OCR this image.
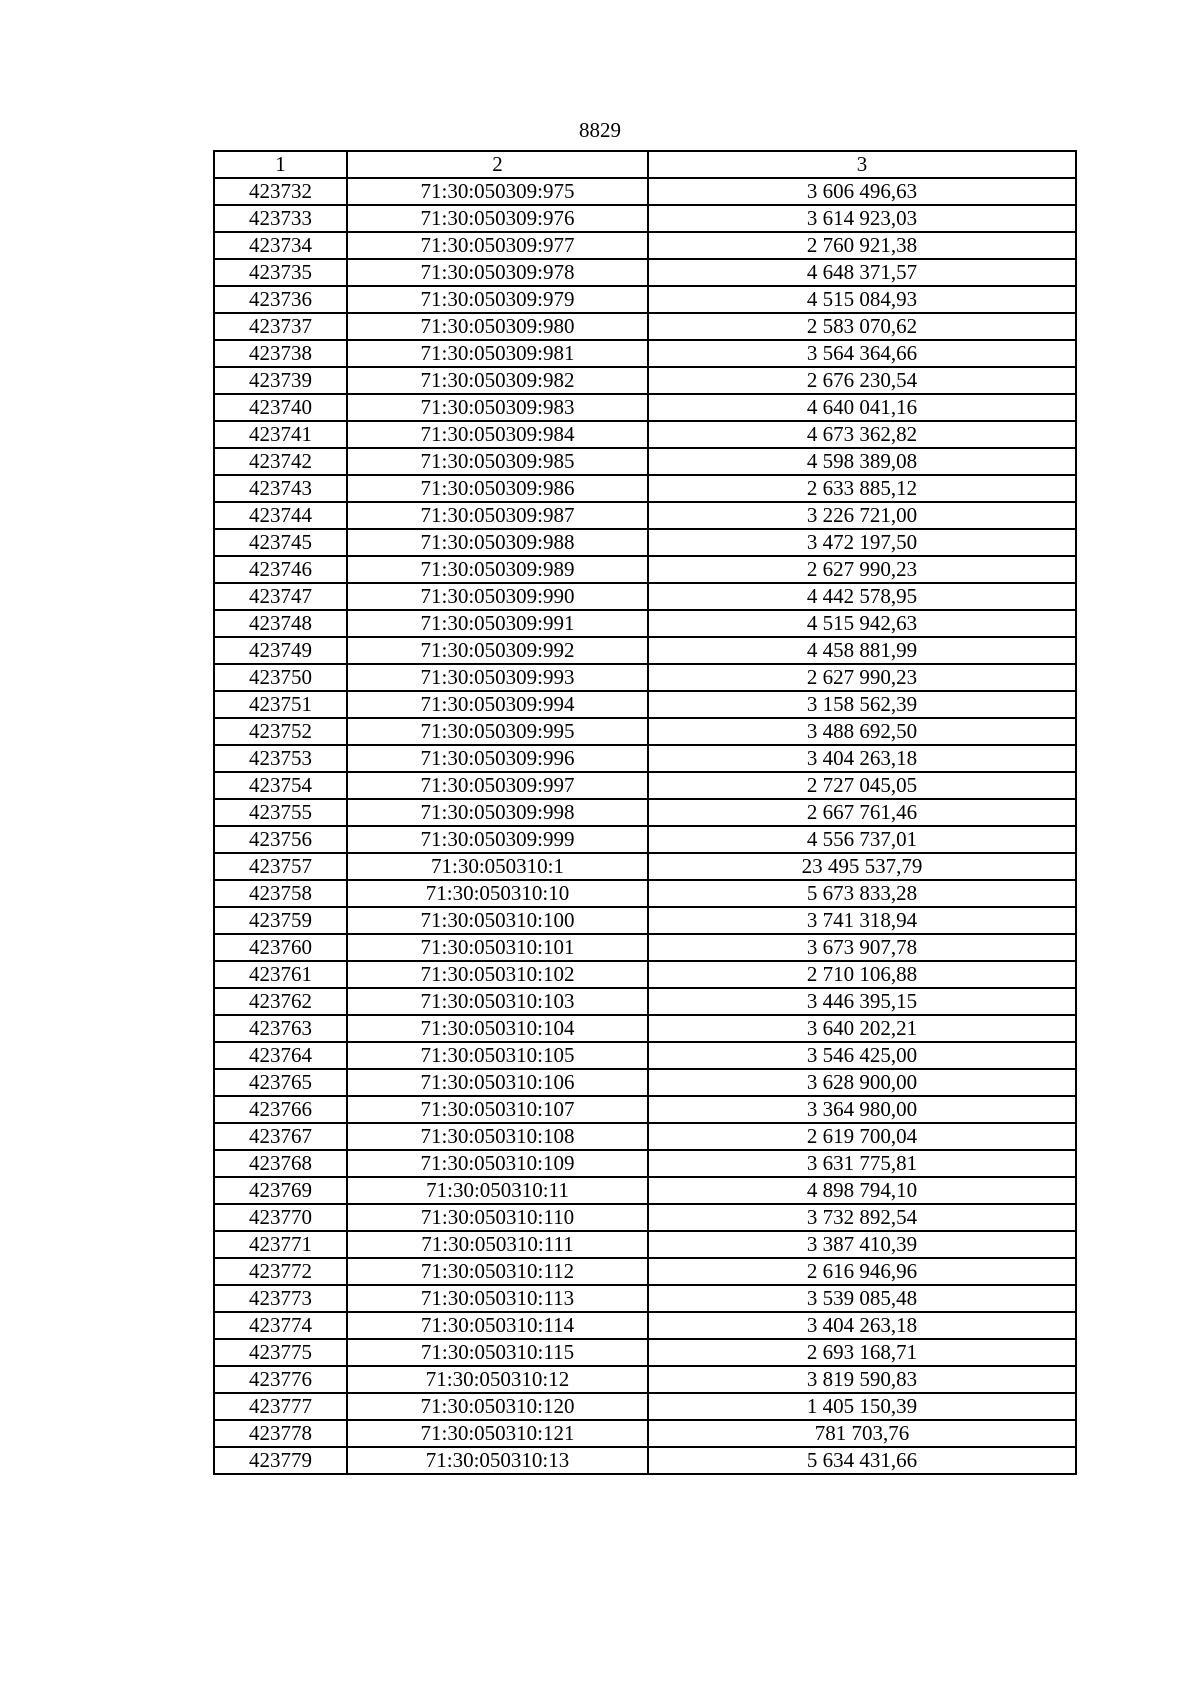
8829
1	2	3
423732	71:30:050309:975	3 606 496,63
423733	71:30:050309:976	3 614 923,03
423734	71:30:050309:977	2 760 921,38
423735	71:30:050309:978	4 648 371,57
423736	71:30:050309:979	4 515 084,93
423737	71:30:050309:980	2 583 070,62
423738	71:30:050309:981	3 564 364,66
423739	71:30:050309:982	2 676 230,54
423740	71:30:050309:983	4 640 041,16
423741	71:30:050309:984	4 673 362,82
423742	71:30:050309:985	4 598 389,08
423743	71:30:050309:986	2 633 885,12
423744	71:30:050309:987	3 226 721,00
423745	71:30:050309:988	3 472 197,50
423746	71:30:050309:989	2 627 990,23
423747	71:30:050309:990	4 442 578,95
423748	71:30:050309:991	4 515 942,63
423749	71:30:050309:992	4 458 881,99
423750	71:30:050309:993	2 627 990,23
423751	71:30:050309:994	3 158 562,39
423752	71:30:050309:995	3 488 692,50
423753	71:30:050309:996	3 404 263,18
423754	71:30:050309:997	2 727 045,05
423755	71:30:050309:998	2 667 761,46
423756	71:30:050309:999	4 556 737,01
423757	71:30:050310:1	23 495 537,79
423758	71:30:050310:10	5 673 833,28
423759	71:30:050310:100	3 741 318,94
423760	71:30:050310:101	3 673 907,78
423761	71:30:050310:102	2 710 106,88
423762	71:30:050310:103	3 446 395,15
423763	71:30:050310:104	3 640 202,21
423764	71:30:050310:105	3 546 425,00
423765	71:30:050310:106	3 628 900,00
423766	71:30:050310:107	3 364 980,00
423767	71:30:050310:108	2 619 700,04
423768	71:30:050310:109	3 631 775,81
423769	71:30:050310:11	4 898 794,10
423770	71:30:050310:110	3 732 892,54
423771	71:30:050310:111	3 387 410,39
423772	71:30:050310:112	2 616 946,96
423773	71:30:050310:113	3 539 085,48
423774	71:30:050310:114	3 404 263,18
423775	71:30:050310:115	2 693 168,71
423776	71:30:050310:12	3 819 590,83
423777	71:30:050310:120	1 405 150,39
423778	71:30:050310:121	781 703,76
423779	71:30:050310:13	5 634 431,66
